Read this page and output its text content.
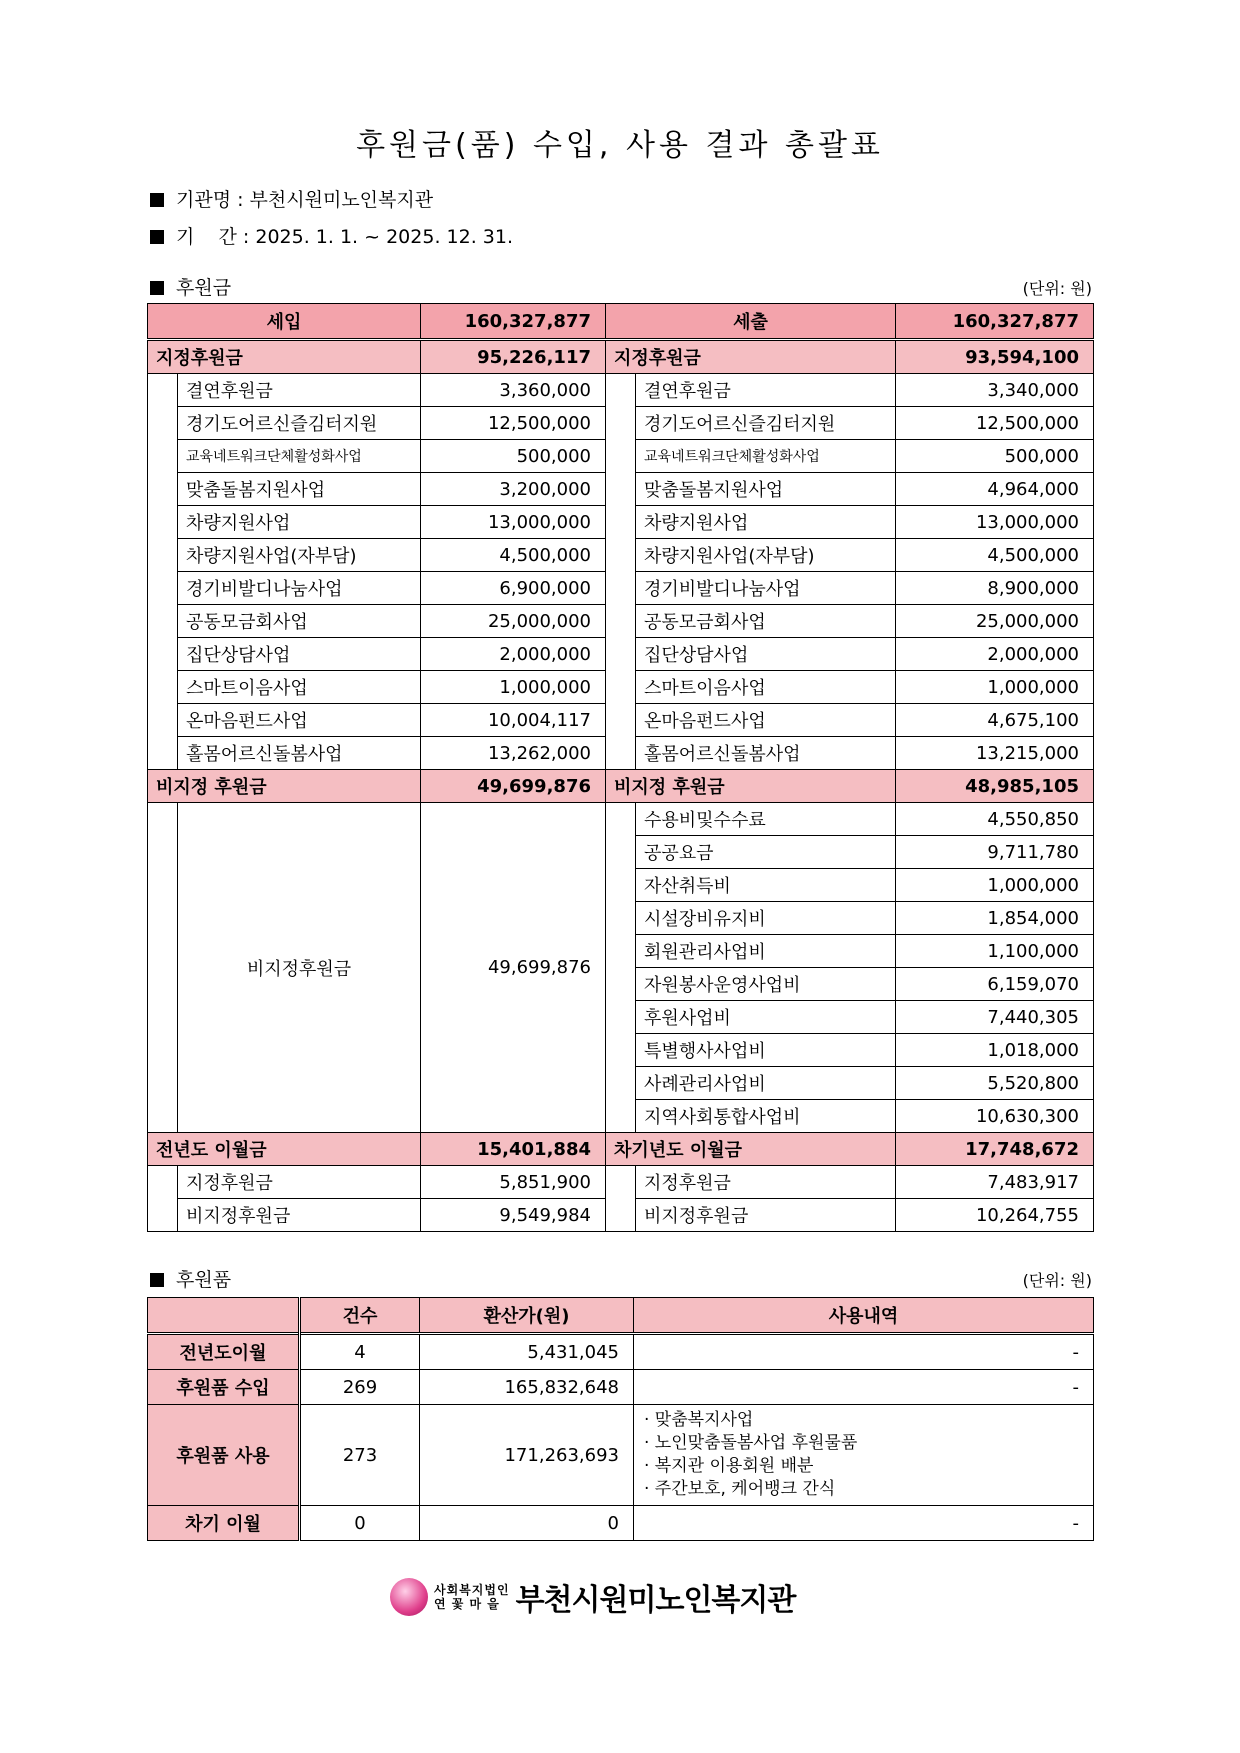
후원금(품) 수입, 사용 결과 총괄표
기관명 : 부천시원미노인복지관
기    간 : 2025. 1. 1. ~ 2025. 12. 31.
후원금	(단위: 원)
세입		160,327,877	세출		160,327,877
지정후원금		95,226,117	지정후원금		93,594,100
	결연후원금	3,360,000		결연후원금	3,340,000
	경기도어르신즐김터지원	12,500,000		경기도어르신즐김터지원	12,500,000
	교육네트워크단체활성화사업	500,000		교육네트워크단체활성화사업	500,000
	맞춤돌봄지원사업	3,200,000		맞춤돌봄지원사업	4,964,000
	차량지원사업	13,000,000		차량지원사업	13,000,000
	차량지원사업(자부담)	4,500,000		차량지원사업(자부담)	4,500,000
	경기비발디나눔사업	6,900,000		경기비발디나눔사업	8,900,000
	공동모금회사업	25,000,000		공동모금회사업	25,000,000
	집단상담사업	2,000,000		집단상담사업	2,000,000
	스마트이음사업	1,000,000		스마트이음사업	1,000,000
	온마음펀드사업	10,004,117		온마음펀드사업	4,675,100
	홀몸어르신돌봄사업	13,262,000		홀몸어르신돌봄사업	13,215,000
비지정 후원금		49,699,876	비지정 후원금		48,985,105
	비지정후원금	49,699,876		수용비및수수료	4,550,850
				공공요금	9,711,780
				자산취득비	1,000,000
				시설장비유지비	1,854,000
				회원관리사업비	1,100,000
				자원봉사운영사업비	6,159,070
				후원사업비	7,440,305
				특별행사사업비	1,018,000
				사례관리사업비	5,520,800
				지역사회통합사업비	10,630,300
전년도 이월금		15,401,884	차기년도 이월금		17,748,672
	지정후원금	5,851,900		지정후원금	7,483,917
	비지정후원금	9,549,984		비지정후원금	10,264,755
후원품	(단위: 원)
	건수	환산가(원)	사용내역
전년도이월	4	5,431,045	-
후원품 수입	269	165,832,648	-
후원품 사용	273	171,263,693	· 맞춤복지사업
· 노인맞춤돌봄사업 후원물품
· 복지관 이용회원 배분
· 주간보호, 케어뱅크 간식

차기 이월	0	0	-
사회복지법인
연 꽃 마 을 부천시원미노인복지관
